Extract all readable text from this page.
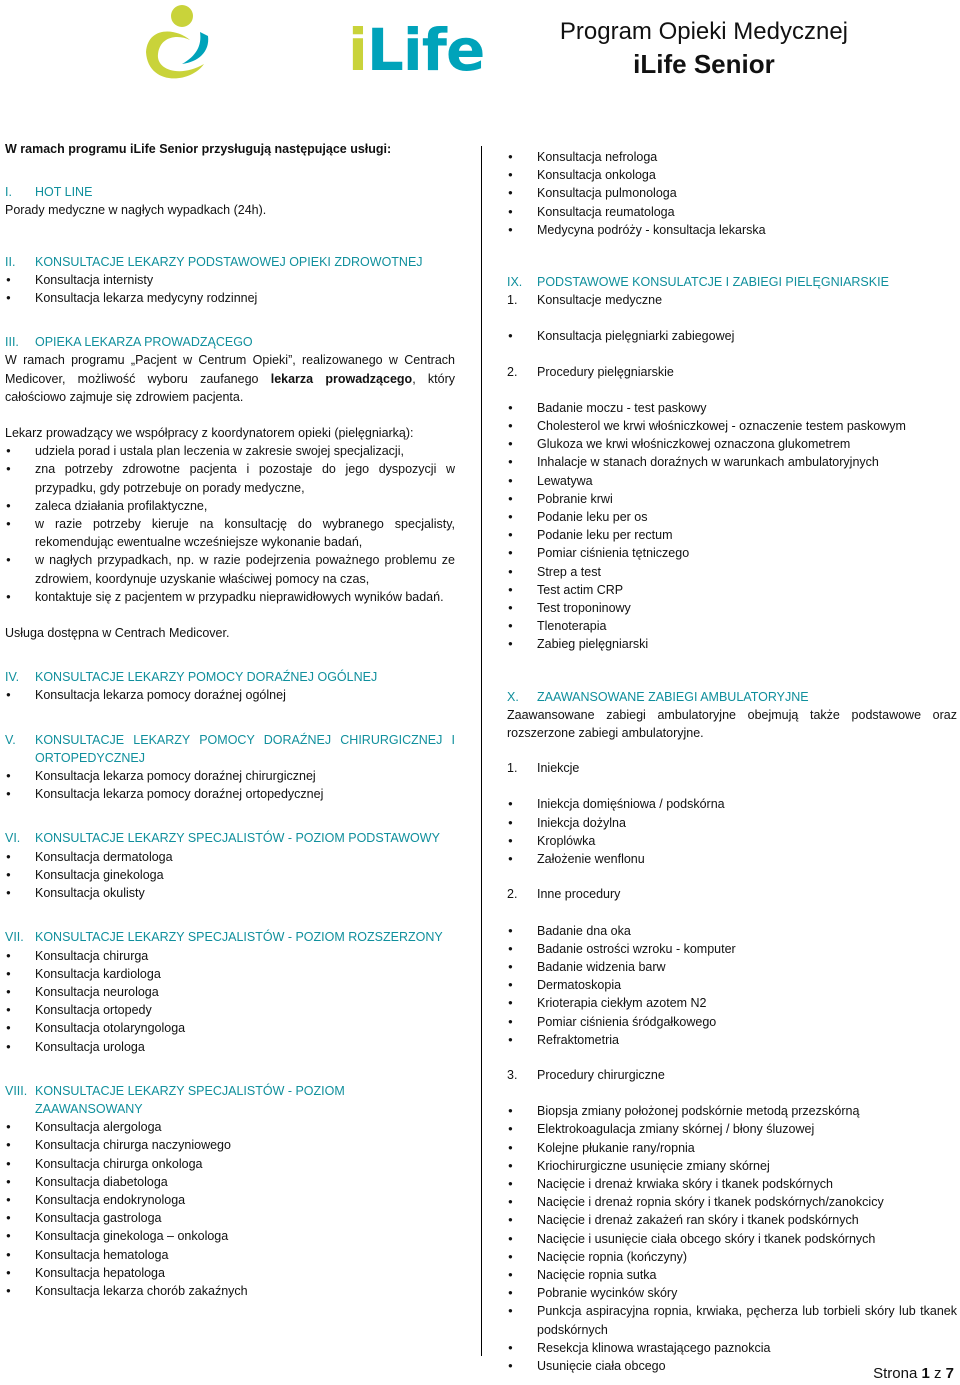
iLife	Program Opieki Medycznej
iLife Senior

W ramach programu iLife Senior przysługują następujące usługi:

I.	HOT LINE

Porady medyczne w nagłych wypadkach (24h).

II.	KONSULTACJE LEKARZY PODSTAWOWEJ OPIEKI ZDROWOTNEJ
● Konsultacja internisty
● Konsultacja lekarza medycyny rodzinnej
III.	OPIEKA LEKARZA PROWADZĄCEGO

W ramach programu „Pacjent w Centrum Opieki”, realizowanego w Centrach Medicover, możliwość wyboru zaufanego lekarza prowadzącego, który całościowo zajmuje się zdrowiem pacjenta.

Lekarz prowadzący we współpracy z koordynatorem opieki (pielęgniarką):

● udziela porad i ustala plan leczenia w zakresie swojej specjalizacji,
● zna potrzeby zdrowotne pacjenta i pozostaje do jego dyspozycji w przypadku, gdy potrzebuje on porady medyczne,
● zaleca działania profilaktyczne,
● w razie potrzeby kieruje na konsultację do wybranego specjalisty, rekomendując ewentualne wcześniejsze wykonanie badań,
● w nagłych przypadkach, np. w razie podejrzenia poważnego problemu ze zdrowiem, koordynuje uzyskanie właściwej pomocy na czas,
● kontaktuje się z pacjentem w przypadku nieprawidłowych wyników badań.

Usługa dostępna w Centrach Medicover.

IV.	KONSULTACJE LEKARZY POMOCY DORAŹNEJ OGÓLNEJ
● Konsultacja lekarza pomocy doraźnej ogólnej
V.	KONSULTACJE LEKARZY POMOCY DORAŹNEJ CHIRURGICZNEJ I ORTOPEDYCZNEJ
● Konsultacja lekarza pomocy doraźnej chirurgicznej
● Konsultacja lekarza pomocy doraźnej ortopedycznej
VI.	KONSULTACJE LEKARZY SPECJALISTÓW - POZIOM PODSTAWOWY
● Konsultacja dermatologa
● Konsultacja ginekologa
● Konsultacja okulisty
VII. KONSULTACJE LEKARZY SPECJALISTÓW - POZIOM ROZSZERZONY
● Konsultacja chirurga
● Konsultacja kardiologa
● Konsultacja neurologa
● Konsultacja ortopedy
● Konsultacja otolaryngologa
● Konsultacja urologa
VIII. KONSULTACJE LEKARZY SPECJALISTÓW - POZIOM ZAAWANSOWANY
● Konsultacja alergologa
● Konsultacja chirurga naczyniowego
● Konsultacja chirurga onkologa
● Konsultacja diabetologa
● Konsultacja endokrynologa
● Konsultacja gastrologa
● Konsultacja ginekologa – onkologa
● Konsultacja hematologa
● Konsultacja hepatologa
● Konsultacja lekarza chorób zakaźnych
● Konsultacja nefrologa
● Konsultacja onkologa
● Konsultacja pulmonologa
● Konsultacja reumatologa
● Medycyna podróży - konsultacja lekarska
IX.	PODSTAWOWE KONSULATCJE I ZABIEGI PIELĘGNIARSKIE
1.	Konsultacje medyczne
● Konsultacja pielęgniarki zabiegowej
2.	Procedury pielęgniarskie
● Badanie moczu - test paskowy
● Cholesterol we krwi włośniczkowej - oznaczenie testem paskowym
● Glukoza we krwi włośniczkowej oznaczona glukometrem
● Inhalacje w stanach doraźnych w warunkach ambulatoryjnych
● Lewatywa
● Pobranie krwi
● Podanie leku per os
● Podanie leku per rectum
● Pomiar ciśnienia tętniczego
● Strep a test
● Test actim CRP
● Test troponinowy
● Tlenoterapia
● Zabieg pielęgniarski
X.	ZAAWANSOWANE ZABIEGI AMBULATORYJNE

Zaawansowane zabiegi ambulatoryjne obejmują także podstawowe oraz rozszerzone zabiegi ambulatoryjne.

1.	Iniekcje
● Iniekcja domięśniowa / podskórna
● Iniekcja dożylna
● Kroplówka
● Założenie wenflonu
2.	Inne procedury
● Badanie dna oka
● Badanie ostrości wzroku - komputer
● Badanie widzenia barw
● Dermatoskopia
● Krioterapia ciekłym azotem N2
● Pomiar ciśnienia śródgałkowego
● Refraktometria
3.	Procedury chirurgiczne
● Biopsja zmiany położonej podskórnie metodą przezskórną
● Elektrokoagulacja zmiany skórnej / błony śluzowej
● Kolejne płukanie rany/ropnia
● Kriochirurgiczne usunięcie zmiany skórnej
● Nacięcie i drenaż krwiaka skóry i tkanek podskórnych
● Nacięcie i drenaż ropnia skóry i tkanek podskórnych/zanokcicy
● Nacięcie i drenaż zakażeń ran skóry i tkanek podskórnych
● Nacięcie i usunięcie ciała obcego skóry i tkanek podskórnych
● Nacięcie ropnia (kończyny)
● Nacięcie ropnia sutka
● Pobranie wycinków skóry
● Punkcja aspiracyjna ropnia, krwiaka, pęcherza lub torbieli skóry lub tkanek podskórnych
● Resekcja klinowa wrastającego paznokcia
● Usunięcie ciała obcego	Strona 1 z 7
